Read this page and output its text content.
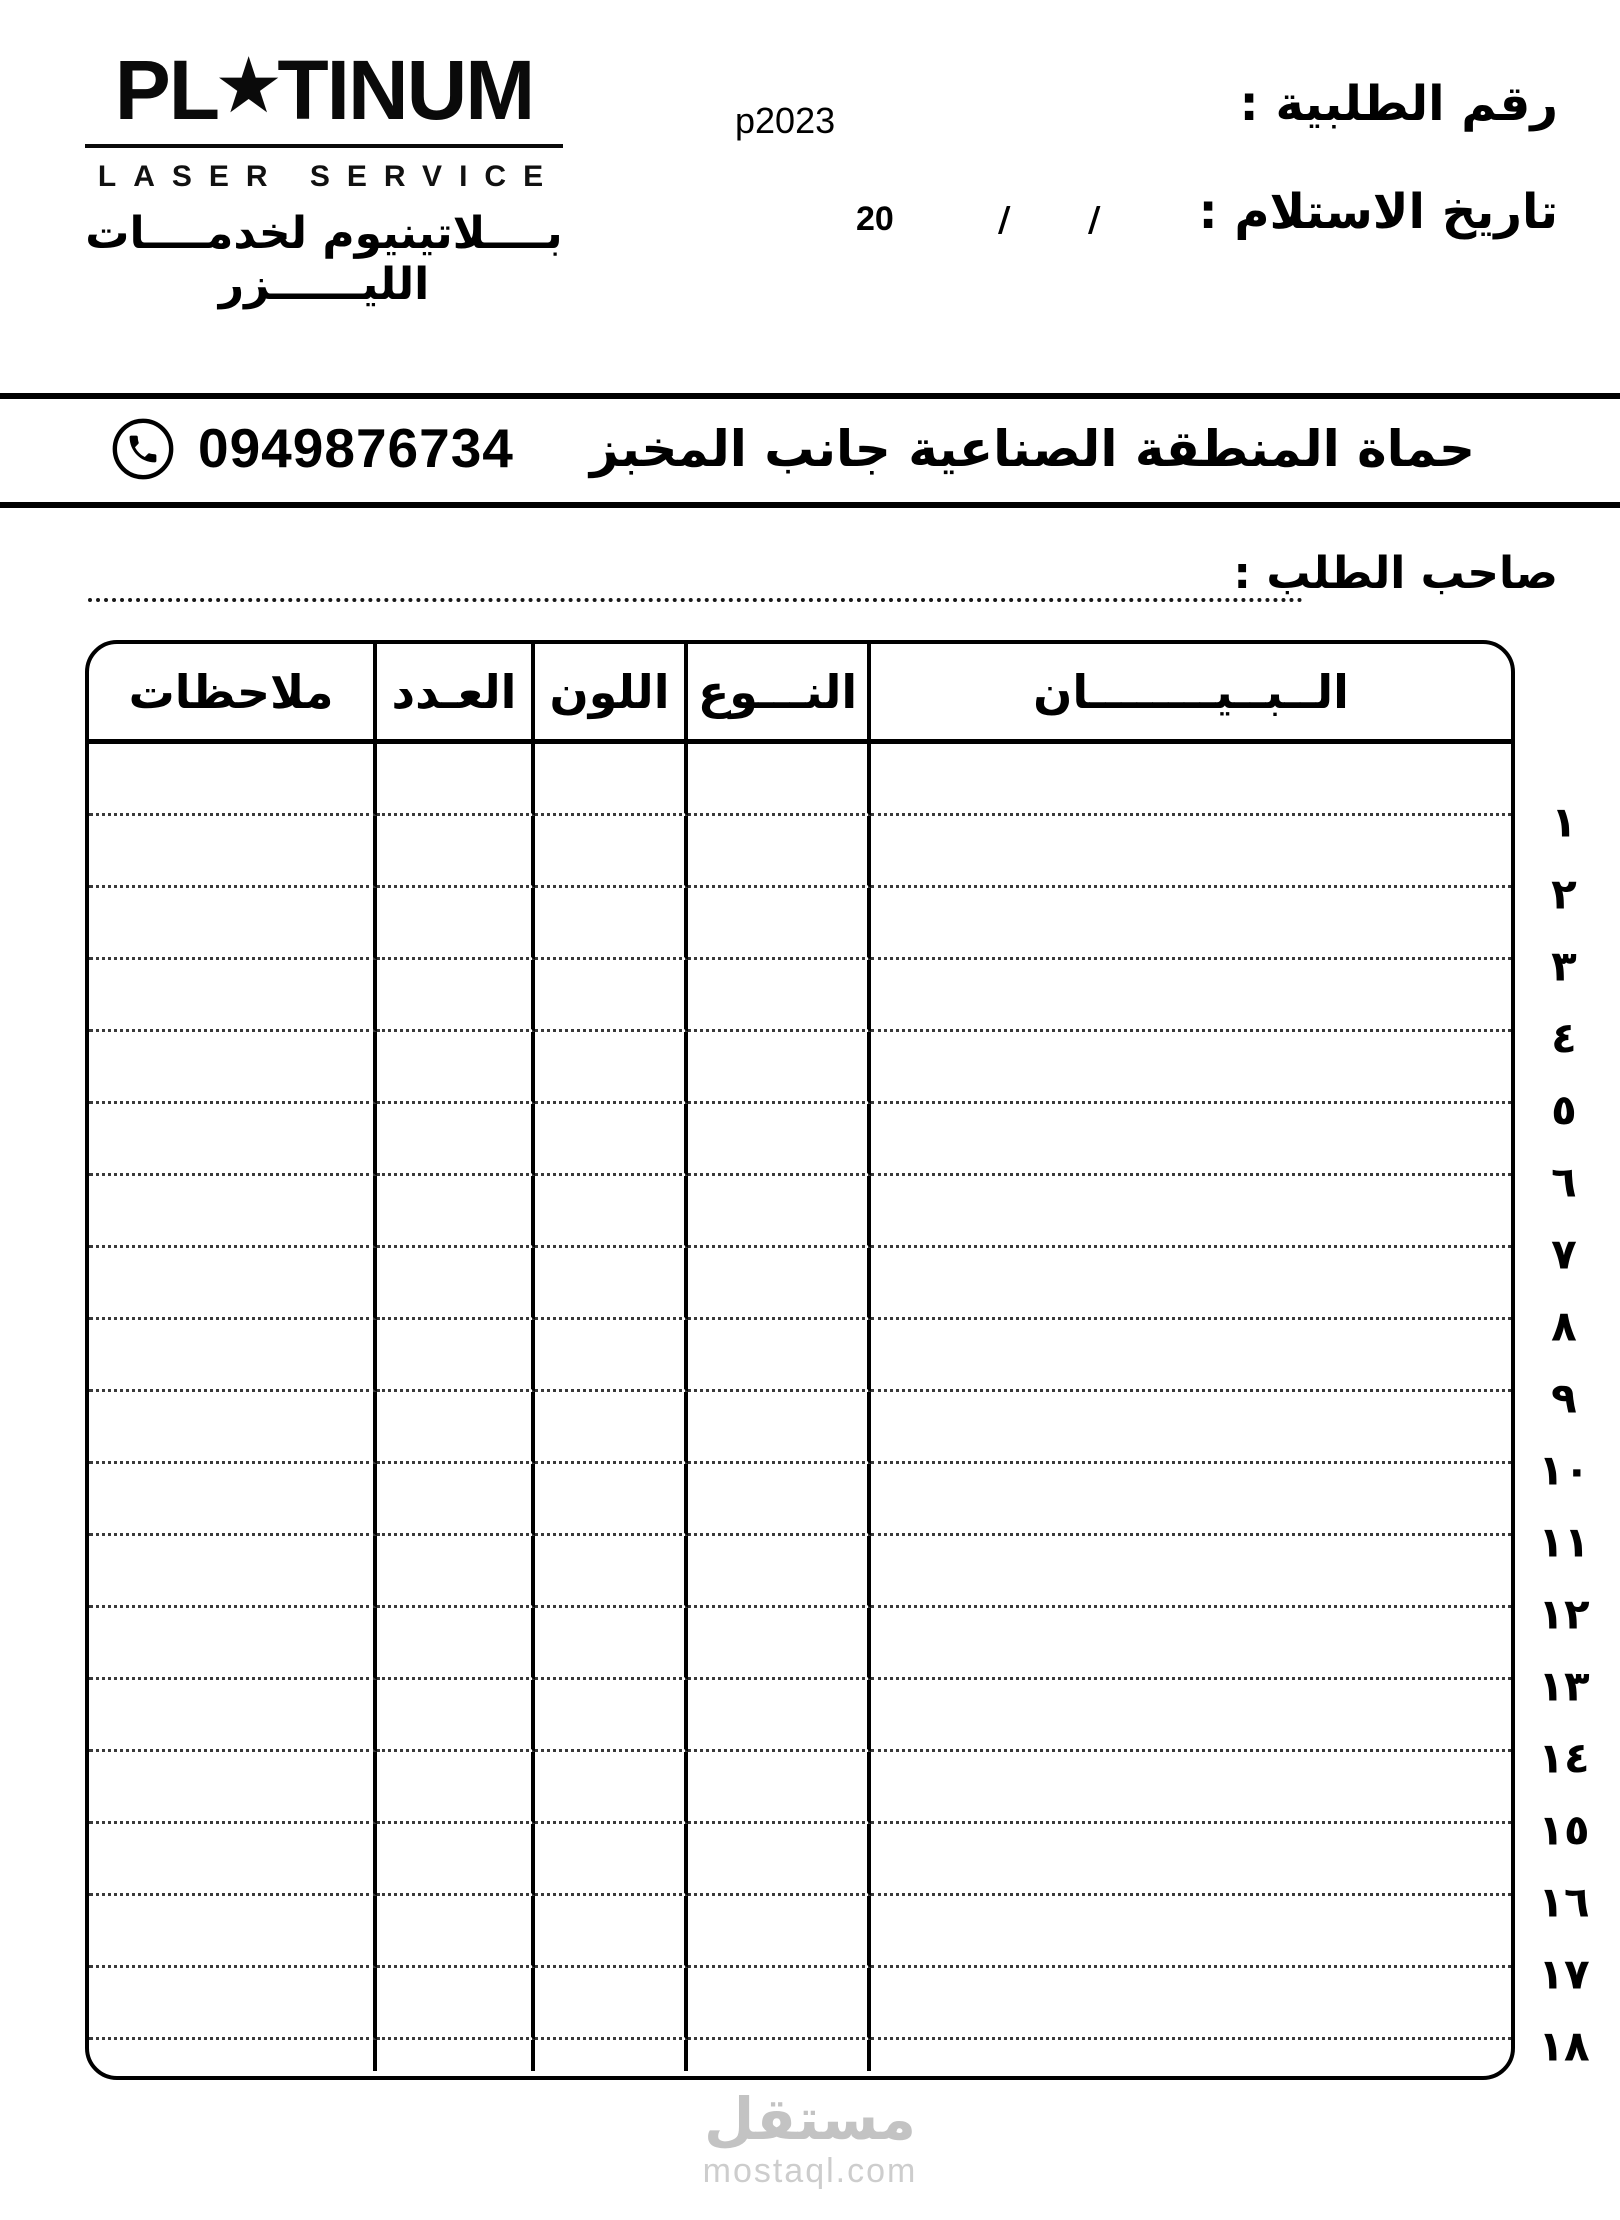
PL
★
TINUM
LASER SERVICE
بــــلاتينيوم لخدمــــات الليــــــزر
رقم الطلبية :
p2023
تاريخ الاستلام :
/
/
20
0949876734 حماة المنطقة الصناعية جانب المخبز
صاحب الطلب :
ملاحظات	العـدد اللون النـــوع	الــبــيــــــــان
١
٢
٣
٤
٥
٦
٧
٨
٩
١٠
١١
١٢
١٣
١٤
١٥
١٦
١٧
١٨
مستقل
mostaql.com
